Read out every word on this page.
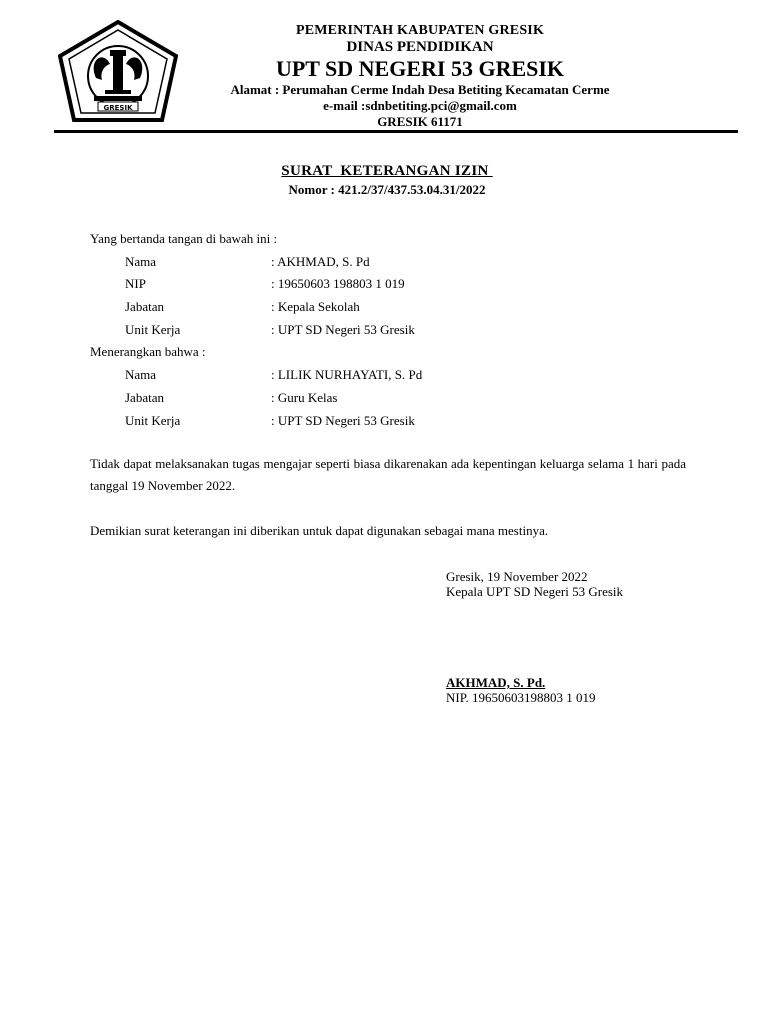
GRESIK
PEMERINTAH KABUPATEN GRESIK
DINAS PENDIDIKAN
UPT SD NEGERI 53 GRESIK
Alamat : Perumahan Cerme Indah Desa Betiting Kecamatan Cerme
e-mail :sdnbetiting.pci@gmail.com
GRESIK 61171
SURAT  KETERANGAN IZIN
Nomor : 421.2/37/437.53.04.31/2022
Yang bertanda tangan di bawah ini :
Nama	: AKHMAD, S. Pd
NIP	: 19650603 198803 1 019
Jabatan	: Kepala Sekolah
Unit Kerja	: UPT SD Negeri 53 Gresik
Menerangkan bahwa :
Nama	: LILIK NURHAYATI, S. Pd
Jabatan	: Guru Kelas
Unit Kerja	: UPT SD Negeri 53 Gresik
Tidak dapat melaksanakan tugas mengajar seperti biasa dikarenakan ada kepentingan keluarga selama 1 hari pada tanggal 19 November 2022.
Demikian surat keterangan ini diberikan untuk dapat digunakan sebagai mana mestinya.
Gresik, 19 November 2022
Kepala UPT SD Negeri 53 Gresik
AKHMAD, S. Pd.
NIP. 19650603198803 1 019
